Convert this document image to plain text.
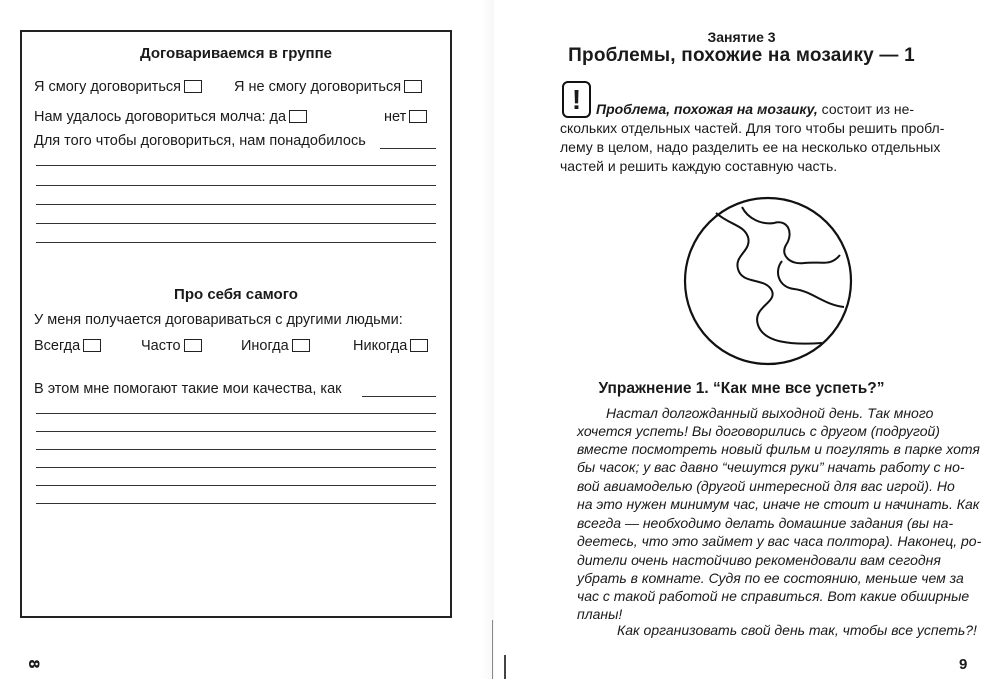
Договариваемся в группе
Я смогу договориться	Я не смогу договориться
Нам удалось договориться молча: да	нет
Для того чтобы договориться, нам понадобилось
Про себя самого
У меня получается договариваться с другими людьми:
Всегда	Часто	Иногда	Никогда
В этом мне помогают такие мои качества, как
8
Занятие 3
Проблемы, похожие на мозаику — 1
!	Проблема, похожая на мозаику, состоит из не-
скольких отдельных частей. Для того чтобы решить пробл-
лему в целом, надо разделить ее на несколько отдельных
частей и решить каждую составную часть.
Упражнение 1. “Как мне все успеть?”
Настал долгожданный выходной день. Так много
хочется успеть! Вы договорились с другом (подругой)
вместе посмотреть новый фильм и погулять в парке хотя
бы часок; у вас давно “чешутся руки” начать работу с но-
вой авиамоделью (другой интересной для вас игрой). Но
на это нужен минимум час, иначе не стоит и начинать. Как
всегда — необходимо делать домашние задания (вы на-
деетесь, что это займет у вас часа полтора). Наконец, ро-
дители очень настойчиво рекомендовали вам сегодня
убрать в комнате. Судя по ее состоянию, меньше чем за
час с такой работой не справиться. Вот какие обширные
планы!
Как организовать свой день так, чтобы все успеть?!
9
